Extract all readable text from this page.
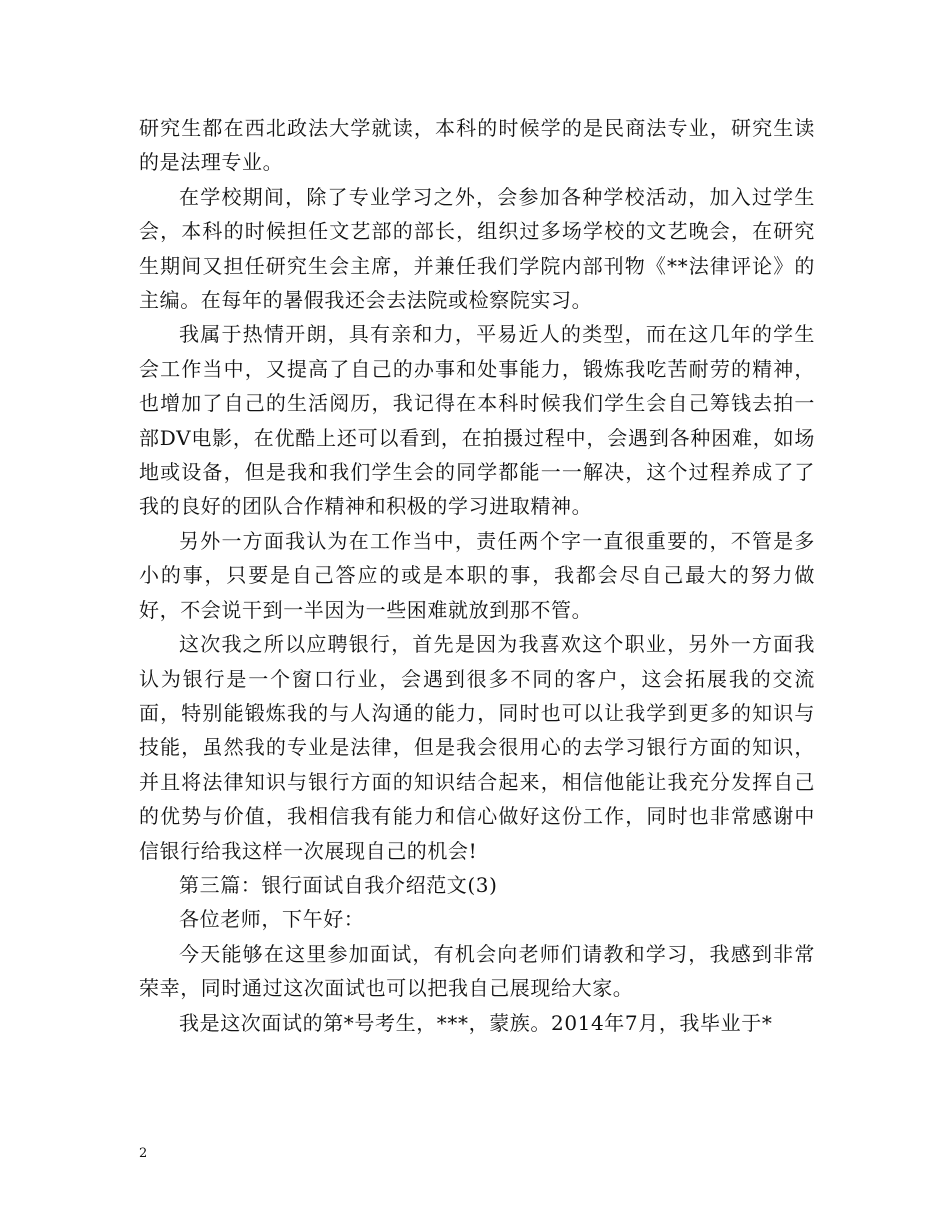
研究生都在西北政法大学就读，本科的时候学的是民商法专业，研究生读的是法理专业。

在学校期间，除了专业学习之外，会参加各种学校活动，加入过学生会，本科的时候担任文艺部的部长，组织过多场学校的文艺晚会，在研究生期间又担任研究生会主席，并兼任我们学院内部刊物《**法律评论》的主编。在每年的暑假我还会去法院或检察院实习。

我属于热情开朗，具有亲和力，平易近人的类型，而在这几年的学生会工作当中，又提高了自己的办事和处事能力，锻炼我吃苦耐劳的精神，也增加了自己的生活阅历，我记得在本科时候我们学生会自己筹钱去拍一部DV电影，在优酷上还可以看到，在拍摄过程中，会遇到各种困难，如场地或设备，但是我和我们学生会的同学都能一一解决，这个过程养成了了我的良好的团队合作精神和积极的学习进取精神。

另外一方面我认为在工作当中，责任两个字一直很重要的，不管是多小的事，只要是自己答应的或是本职的事，我都会尽自己最大的努力做好，不会说干到一半因为一些困难就放到那不管。

这次我之所以应聘银行，首先是因为我喜欢这个职业，另外一方面我认为银行是一个窗口行业，会遇到很多不同的客户，这会拓展我的交流面，特别能锻炼我的与人沟通的能力，同时也可以让我学到更多的知识与技能，虽然我的专业是法律，但是我会很用心的去学习银行方面的知识，并且将法律知识与银行方面的知识结合起来，相信他能让我充分发挥自己的优势与价值，我相信我有能力和信心做好这份工作，同时也非常感谢中信银行给我这样一次展现自己的机会!

第三篇：银行面试自我介绍范文(3)

各位老师，下午好：

今天能够在这里参加面试，有机会向老师们请教和学习，我感到非常荣幸，同时通过这次面试也可以把我自己展现给大家。

我是这次面试的第*号考生，***，蒙族。2014年7月，我毕业于*

2
